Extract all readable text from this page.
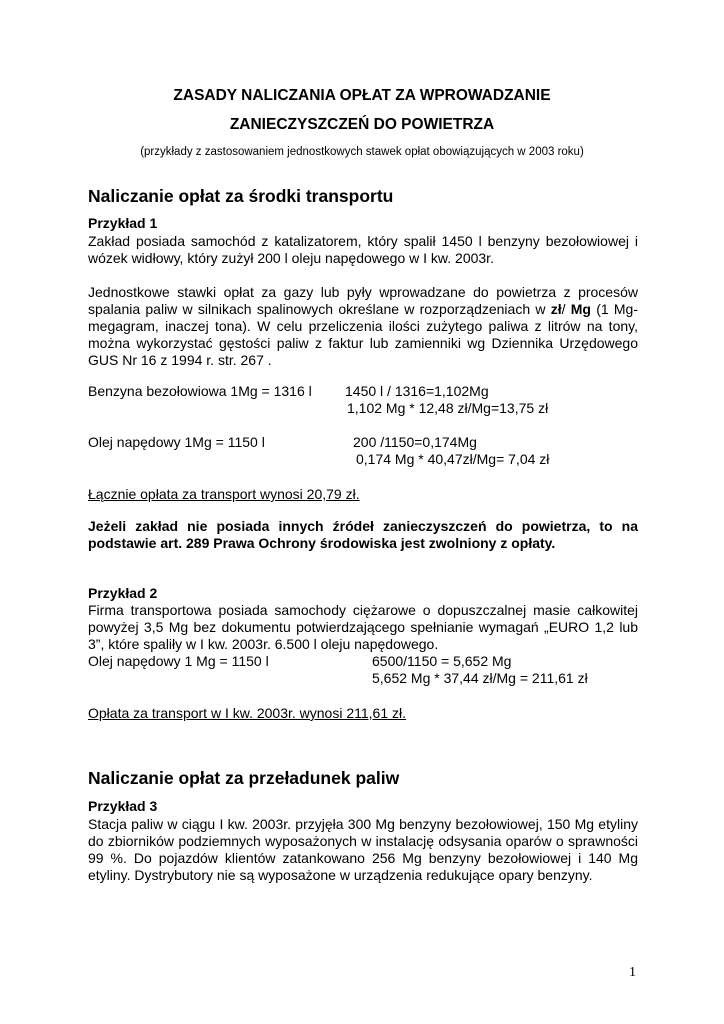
ZASADY NALICZANIA OPŁAT ZA WPROWADZANIE
ZANIECZYSZCZEŃ DO POWIETRZA
(przykłady z zastosowaniem jednostkowych stawek opłat obowiązujących w 2003 roku)
Naliczanie opłat za środki transportu
Przykład 1

Zakład posiada samochód z katalizatorem, który spalił 1450 l benzyny bezołowiowej i wózek widłowy, który zużył 200 l oleju napędowego w I kw. 2003r.

Jednostkowe stawki opłat za gazy lub pyły wprowadzane do powietrza z procesów spalania paliw w silnikach spalinowych określane w rozporządzeniach w zł/ Mg (1 Mg-megagram, inaczej tona). W celu przeliczenia ilości zużytego paliwa z litrów na tony, można wykorzystać gęstości paliw z faktur lub zamienniki wg Dziennika Urzędowego GUS Nr 16 z 1994 r. str. 267 .

Benzyna bezołowiowa 1Mg = 1316 l 1450 l / 1316=1,102Mg
1,102 Mg * 12,48 zł/Mg=13,75 zł
Olej napędowy 1Mg = 1150 l	200 /1150=0,174Mg
0,174 Mg * 40,47zł/Mg= 7,04 zł
Łącznie opłata za transport wynosi 20,79 zł.

Jeżeli zakład nie posiada innych źródeł zanieczyszczeń do powietrza, to na podstawie art. 289 Prawa Ochrony środowiska jest zwolniony z opłaty.

Przykład 2

Firma transportowa posiada samochody ciężarowe o dopuszczalnej masie całkowitej powyżej 3,5 Mg bez dokumentu potwierdzającego spełnianie wymagań „EURO 1,2 lub 3”, które spaliły w I kw. 2003r. 6.500 l oleju napędowego.

Olej napędowy 1 Mg = 1150 l	6500/1150 = 5,652 Mg
5,652 Mg * 37,44 zł/Mg = 211,61 zł
Opłata za transport w I kw. 2003r. wynosi 211,61 zł.
Naliczanie opłat za przeładunek paliw
Przykład 3

Stacja paliw w ciągu I kw. 2003r. przyjęła 300 Mg benzyny bezołowiowej, 150 Mg etyliny do zbiorników podziemnych wyposażonych w instalację odsysania oparów o sprawności 99 %. Do pojazdów klientów zatankowano 256 Mg benzyny bezołowiowej i 140 Mg etyliny. Dystrybutory nie są wyposażone w urządzenia redukujące opary benzyny.

1
